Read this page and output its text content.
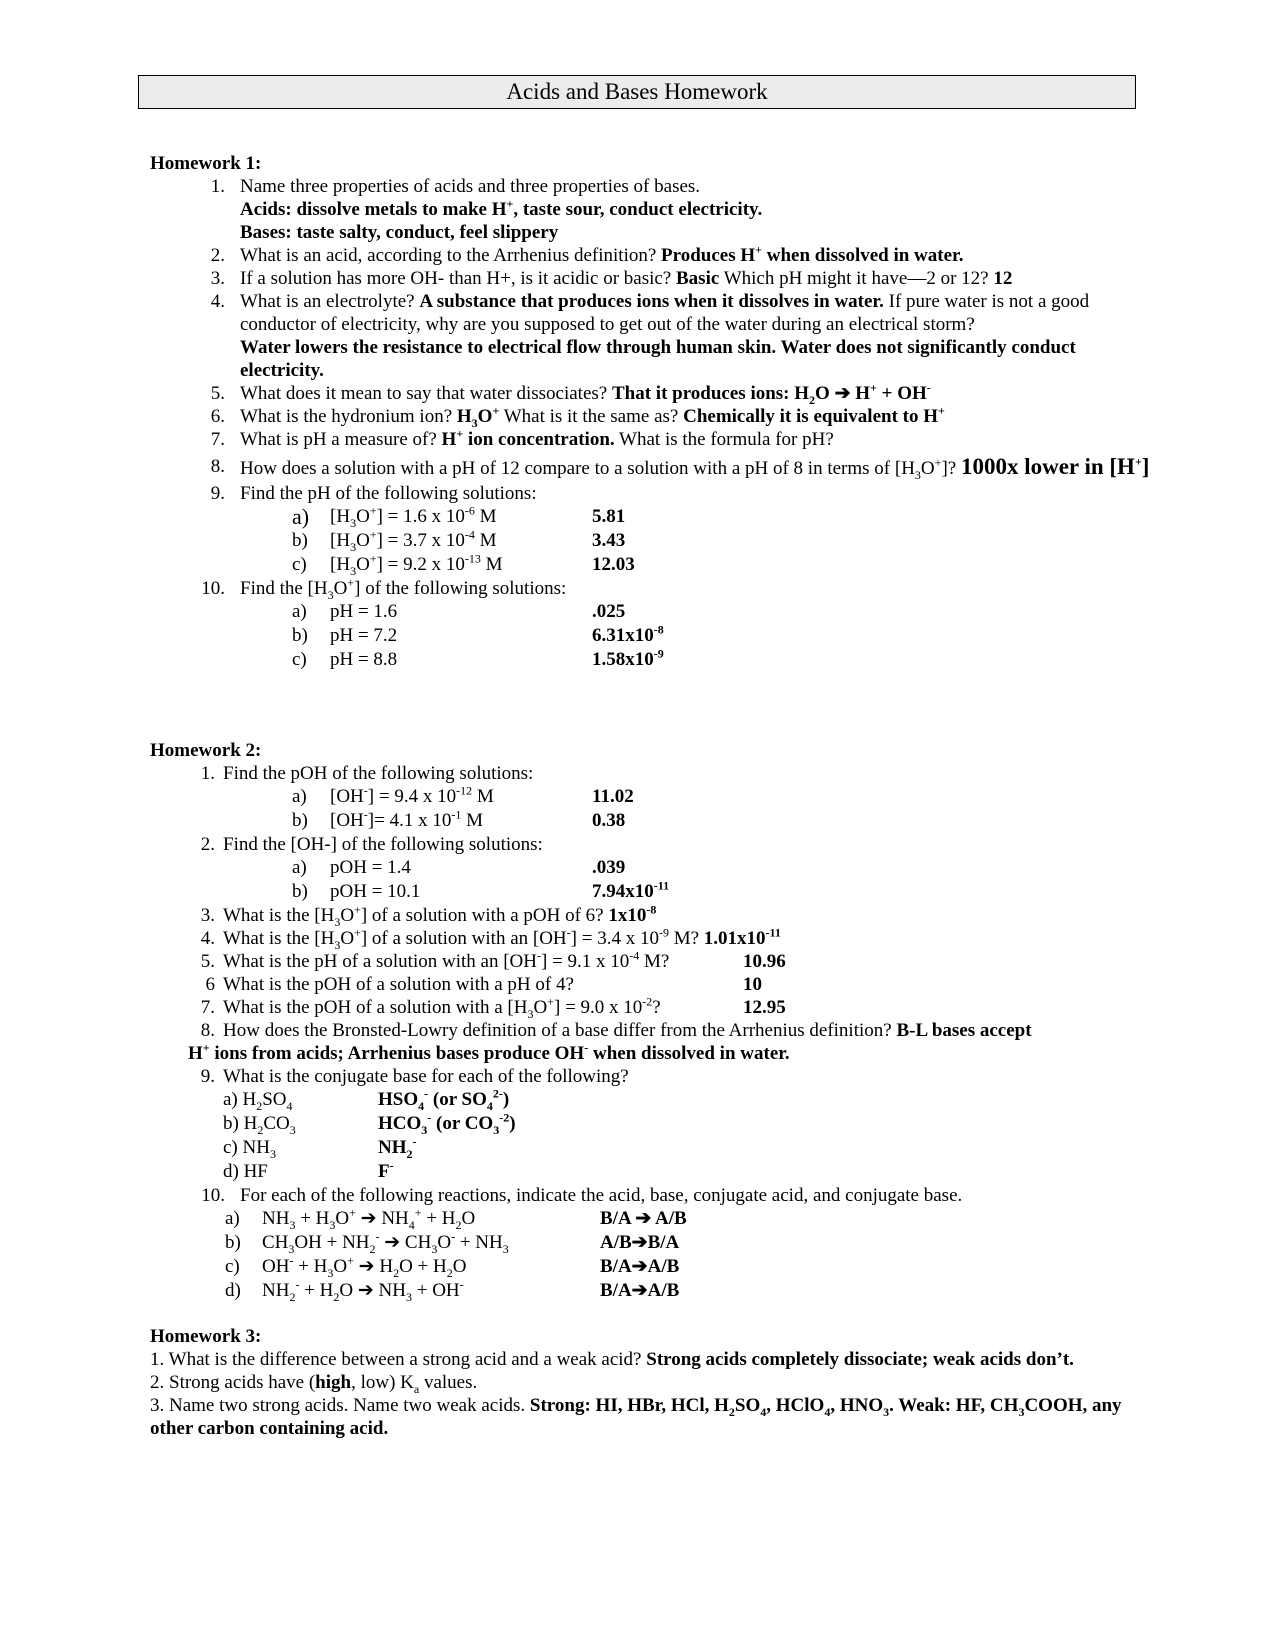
Acids and Bases Homework
Homework 1:
1. Name three properties of acids and three properties of bases.
Acids: dissolve metals to make H+, taste sour, conduct electricity.
Bases: taste salty, conduct, feel slippery
2. What is an acid, according to the Arrhenius definition? Produces H+ when dissolved in water.
3. If a solution has more OH- than H+, is it acidic or basic? Basic Which pH might it have—2 or 12? 12
4. What is an electrolyte? A substance that produces ions when it dissolves in water. If pure water is not a good conductor of electricity, why are you supposed to get out of the water during an electrical storm?
Water lowers the resistance to electrical flow through human skin. Water does not significantly conduct electricity.
5. What does it mean to say that water dissociates? That it produces ions: $H_2O$ ➔ H+ + OH-
6. What is the hydronium ion? $H_3O^+$ What is it the same as? Chemically it is equivalent to H+
7. What is pH a measure of? H+ ion concentration. What is the formula for pH?
8. How does a solution with a pH of 12 compare to a solution with a pH of 8 in terms of $[H_3O^+]$? 1000x lower in [H+]
9. Find the pH of the following solutions:
a)	$[H_3O^+] = 1.6$ x $10^{-6}$ M	5.81
b)	$[H_3O^+] = 3.7$ x $10^{-4}$ M	3.43
c)	$[H_3O^+] = 9.2$ x $10^{-13}$ M	12.03
10. Find the $[H_3O^+]$ of the following solutions:
a)	pH = 1.6	.025
b)	pH = 7.2	$6.31x10^{-8}$
c)	pH = 8.8	$1.58x10^{-9}$
Homework 2:
1. Find the pOH of the following solutions:
a)	[OH-] = 9.4 x $10^{-12}$ M	11.02
b)	[OH-]= 4.1 x $10^{-1}$ M	0.38
2. Find the [OH-] of the following solutions:
a)	pOH = 1.4	.039
b)	pOH = 10.1	$7.94x10^{-11}$
3. What is the $[H_3O^+]$ of a solution with a pOH of 6? $1x10^{-8}$
4. What is the $[H_3O^+]$ of a solution with an [OH-] = 3.4 x $10^{-9}$ M? $1.01x10^{-11}$
5. What is the pH of a solution with an [OH-] = 9.1 x $10^{-4}$ M?	10.96
6 What is the pOH of a solution with a pH of 4?	10
7. What is the pOH of a solution with a $[H_3O^+] = 9.0$ x $10^{-2}$?	12.95
8. How does the Bronsted-Lowry definition of a base differ from the Arrhenius definition? B-L bases accept
H+ ions from acids; Arrhenius bases produce OH- when dissolved in water.
9. What is the conjugate base for each of the following?
a) $H_2SO_4$	$HSO_4^-$ (or $SO_4^{2-}$)
b) $H_2CO_3$	$HCO_3^-$ (or $CO_3^{-2}$)
c) $NH_3$	$NH_2^-$
d) HF	F-
10. For each of the following reactions, indicate the acid, base, conjugate acid, and conjugate base.
a)	$NH_3 + H_3O^+$ ➔ $NH_4^+ + H_2O$	B/A ➔ A/B
b)	$CH_3OH + NH_2^-$ ➔ $CH_3O^- + NH_3$	A/B➔B/A
c)	$OH^- + H_3O^+$ ➔ $H_2O + H_2O$	B/A➔A/B
d)	$NH_2^- + H_2O$ ➔ $NH_3 + OH^-$	B/A➔A/B
Homework 3:
1. What is the difference between a strong acid and a weak acid? Strong acids completely dissociate; weak acids don’t.
2. Strong acids have (high, low) $K_a$ values.
3. Name two strong acids. Name two weak acids. Strong: HI, HBr, HCl, $H_2SO_4$, HClO$_4$, $HNO_3$. Weak: HF, $CH_3COOH$, any other carbon containing acid.
